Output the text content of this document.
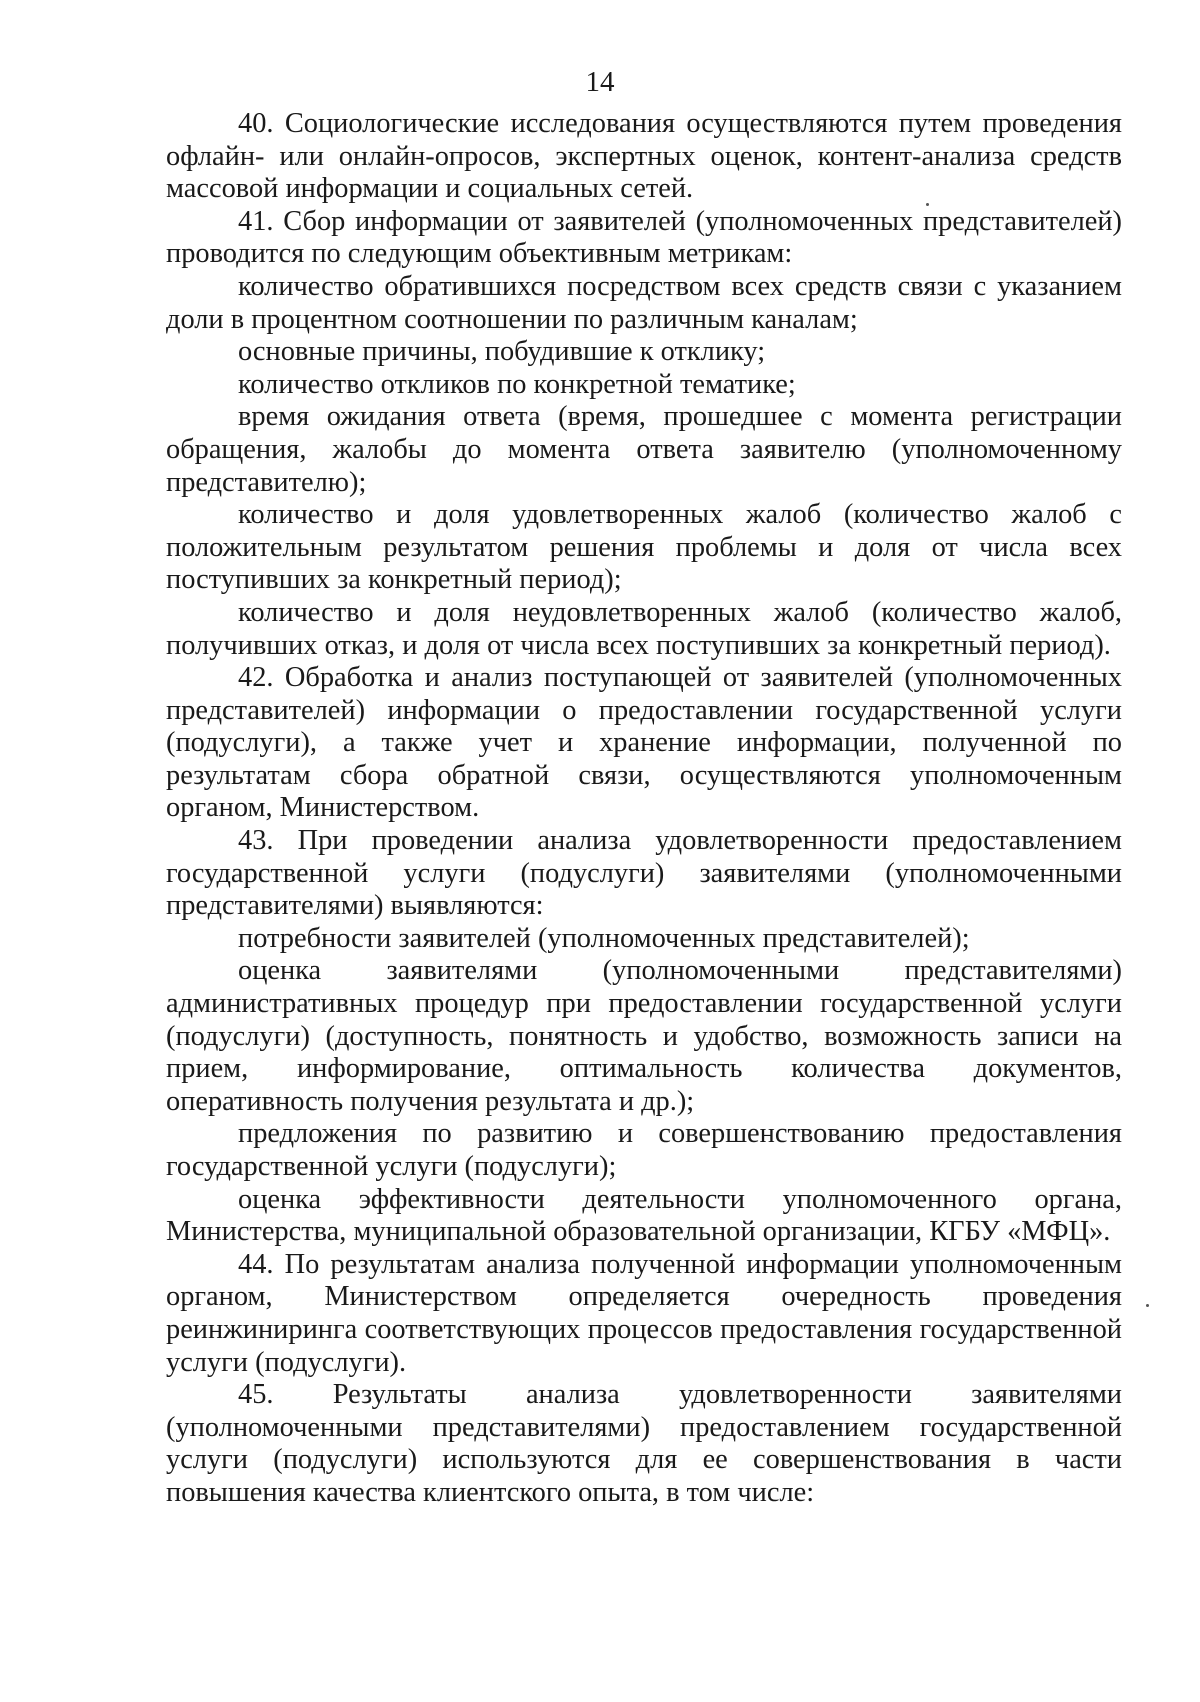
14

40. Социологические исследования осуществляются путем проведения офлайн- или онлайн-опросов, экспертных оценок, контент-анализа средств массовой информации и социальных сетей.

41. Сбор информации от заявителей (уполномоченных представителей) проводится по следующим объективным метрикам:

количество обратившихся посредством всех средств связи с указанием доли в процентном соотношении по различным каналам;

основные причины, побудившие к отклику;

количество откликов по конкретной тематике;

время ожидания ответа (время, прошедшее с момента регистрации обращения, жалобы до момента ответа заявителю (уполномоченному представителю);

количество и доля удовлетворенных жалоб (количество жалоб с положительным результатом решения проблемы и доля от числа всех поступивших за конкретный период);

количество и доля неудовлетворенных жалоб (количество жалоб, получивших отказ, и доля от числа всех поступивших за конкретный период).

42. Обработка и анализ поступающей от заявителей (уполномоченных представителей) информации о предоставлении государственной услуги (подуслуги), а также учет и хранение информации, полученной по результатам сбора обратной связи, осуществляются уполномоченным органом, Министерством.

43. При проведении анализа удовлетворенности предоставлением государственной услуги (подуслуги) заявителями (уполномоченными представителями) выявляются:

потребности заявителей (уполномоченных представителей);

оценка заявителями (уполномоченными представителями) административных процедур при предоставлении государственной услуги (подуслуги) (доступность, понятность и удобство, возможность записи на прием, информирование, оптимальность количества документов, оперативность получения результата и др.);

предложения по развитию и совершенствованию предоставления государственной услуги (подуслуги);

оценка эффективности деятельности уполномоченного органа, Министерства, муниципальной образовательной организации, КГБУ «МФЦ».

44. По результатам анализа полученной информации уполномоченным органом, Министерством определяется очередность проведения реинжиниринга соответствующих процессов предоставления государственной услуги (подуслуги).

45. Результаты анализа удовлетворенности заявителями (уполномоченными представителями) предоставлением государственной услуги (подуслуги) используются для ее совершенствования в части повышения качества клиентского опыта, в том числе:
